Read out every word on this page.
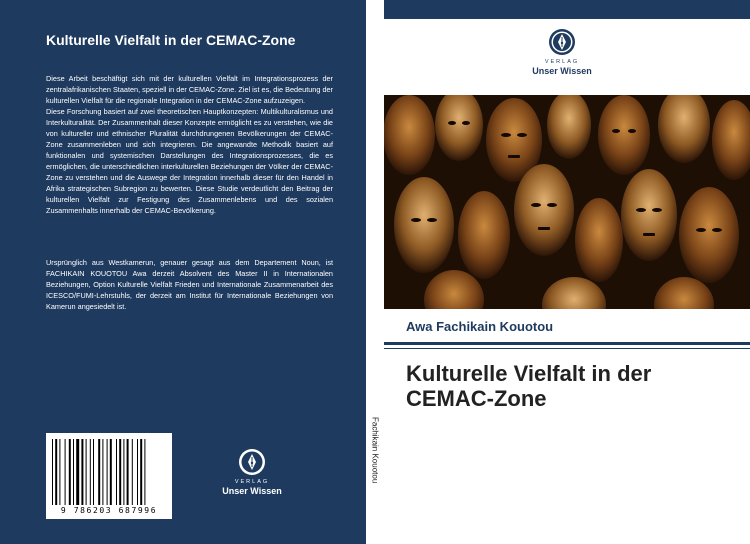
Kulturelle Vielfalt in der CEMAC-Zone

Diese Arbeit beschäftigt sich mit der kulturellen Vielfalt im Integrationsprozess der zentralafrikanischen Staaten, speziell in der CEMAC-Zone. Ziel ist es, die Bedeutung der kulturellen Vielfalt für die regionale Integration in der CEMAC-Zone aufzuzeigen.

Diese Forschung basiert auf zwei theoretischen Hauptkonzepten: Multikulturalismus und Interkulturalität. Der Zusammenhalt dieser Konzepte ermöglicht es zu verstehen, wie die von kultureller und ethnischer Pluralität durchdrungenen Bevölkerungen der CEMAC-Zone zusammenleben und sich integrieren. Die angewandte Methodik basiert auf funktionalen und systemischen Darstellungen des Integrationsprozesses, die es ermöglichen, die unterschiedlichen interkulturellen Beziehungen der Völker der CEMAC-Zone zu verstehen und die Auswege der Integration innerhalb dieser für den Handel in Afrika strategischen Subregion zu bewerten. Diese Studie verdeutlicht den Beitrag der kulturellen Vielfalt zur Festigung des Zusammenlebens und des sozialen Zusammenhalts innerhalb der CEMAC-Bevölkerung.

Ursprünglich aus Westkamerun, genauer gesagt aus dem Departement Noun, ist FACHIKAIN KOUOTOU Awa derzeit Absolvent des Master II in Internationalen Beziehungen, Option Kulturelle Vielfalt Frieden und Internationale Zusammenarbeit des ICESCO/FUMI-Lehrstuhls, der derzeit am Institut für Internationale Beziehungen von Kamerun angesiedelt ist.
9 786203 687996
VERLAG
Unser Wissen
Fachikain Kouotou
VERLAG
Unser Wissen
Awa Fachikain Kouotou
Kulturelle Vielfalt in der CEMAC-Zone
